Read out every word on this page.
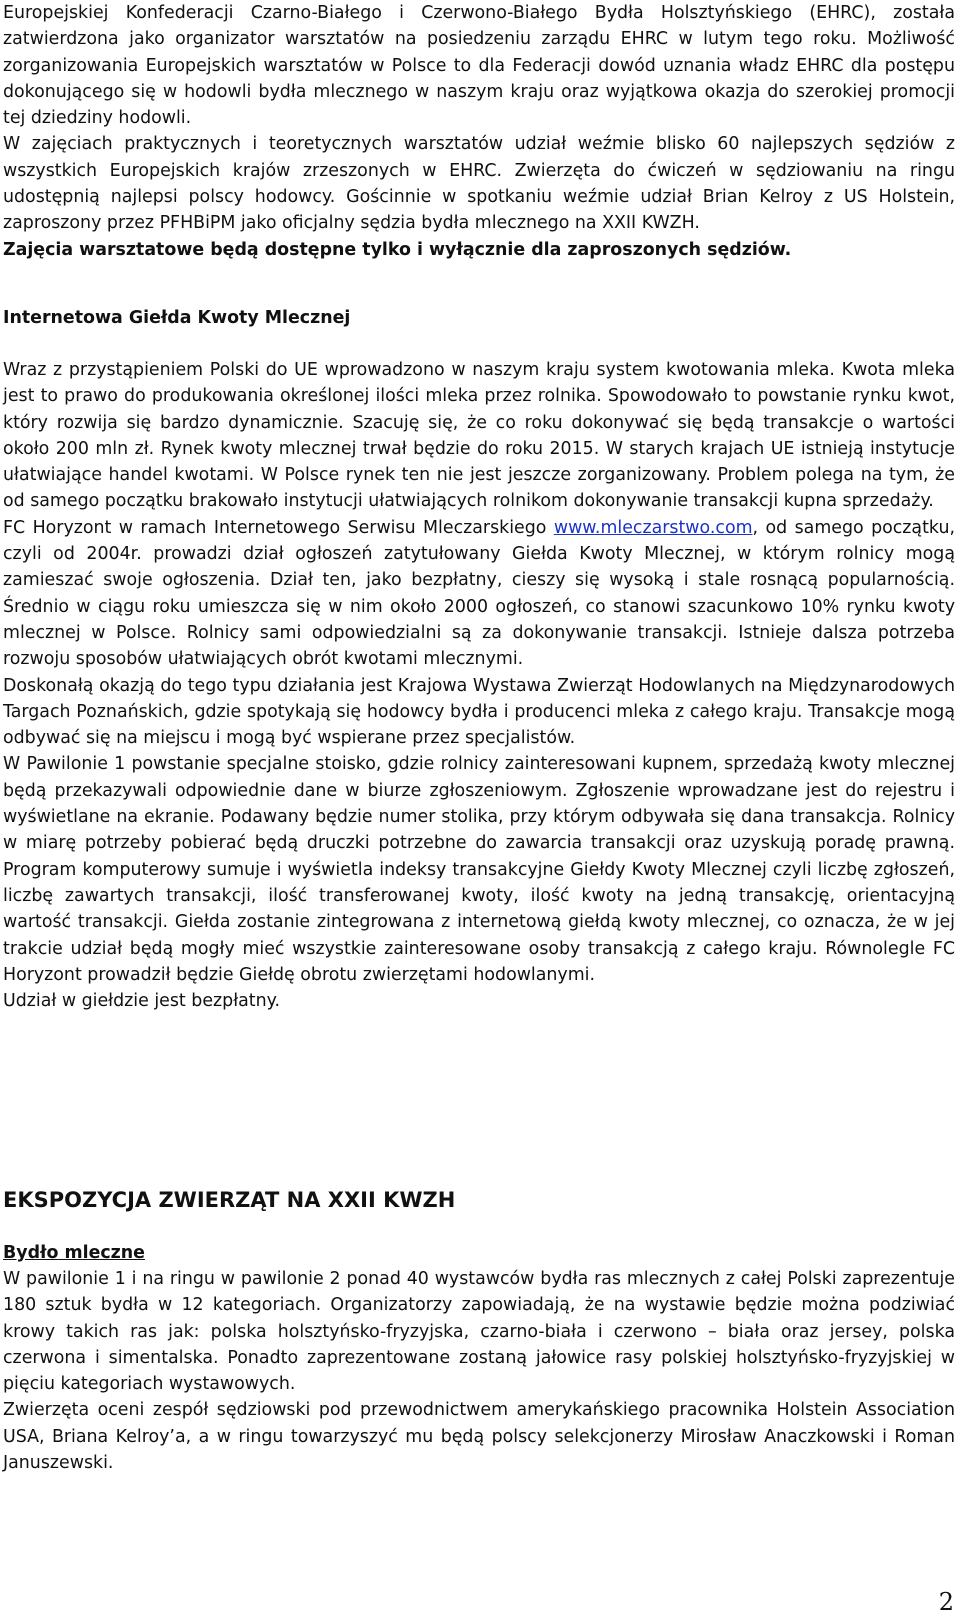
Europejskiej Konfederacji Czarno-Białego i Czerwono-Białego Bydła Holsztyńskiego (EHRC), została zatwierdzona jako organizator warsztatów na posiedzeniu zarządu EHRC w lutym tego roku. Możliwość zorganizowania Europejskich warsztatów w Polsce to dla Federacji dowód uznania władz EHRC dla postępu dokonującego się w hodowli bydła mlecznego w naszym kraju oraz wyjątkowa okazja do szerokiej promocji tej dziedziny hodowli.

W zajęciach praktycznych i teoretycznych warsztatów udział weźmie blisko 60 najlepszych sędziów z wszystkich Europejskich krajów zrzeszonych w EHRC. Zwierzęta do ćwiczeń w sędziowaniu na ringu udostępnią najlepsi polscy hodowcy. Gościnnie w spotkaniu weźmie udział Brian Kelroy z US Holstein, zaproszony przez PFHBiPM jako oficjalny sędzia bydła mlecznego na XXII KWZH.

Zajęcia warsztatowe będą dostępne tylko i wyłącznie dla zaproszonych sędziów.

Internetowa Giełda Kwoty Mlecznej

Wraz z przystąpieniem Polski do UE wprowadzono w naszym kraju system kwotowania mleka. Kwota mleka jest to prawo do produkowania określonej ilości mleka przez rolnika. Spowodowało to powstanie rynku kwot, który rozwija się bardzo dynamicznie. Szacuję się, że co roku dokonywać się będą transakcje o wartości około 200 mln zł. Rynek kwoty mlecznej trwał będzie do roku 2015. W starych krajach UE istnieją instytucje ułatwiające handel kwotami. W Polsce rynek ten nie jest jeszcze zorganizowany. Problem polega na tym, że od samego początku brakowało instytucji ułatwiających rolnikom dokonywanie transakcji kupna sprzedaży.

FC Horyzont w ramach Internetowego Serwisu Mleczarskiego www.mleczarstwo.com, od samego początku, czyli od 2004r. prowadzi dział ogłoszeń zatytułowany Giełda Kwoty Mlecznej, w którym rolnicy mogą zamieszać swoje ogłoszenia. Dział ten, jako bezpłatny, cieszy się wysoką i stale rosnącą popularnością. Średnio w ciągu roku umieszcza się w nim około 2000 ogłoszeń, co stanowi szacunkowo 10% rynku kwoty mlecznej w Polsce. Rolnicy sami odpowiedzialni są za dokonywanie transakcji. Istnieje dalsza potrzeba rozwoju sposobów ułatwiających obrót kwotami mlecznymi.

Doskonałą okazją do tego typu działania jest Krajowa Wystawa Zwierząt Hodowlanych na Międzynarodowych Targach Poznańskich, gdzie spotykają się hodowcy bydła i producenci mleka z całego kraju. Transakcje mogą odbywać się na miejscu i mogą być wspierane przez specjalistów.

W Pawilonie 1 powstanie specjalne stoisko, gdzie rolnicy zainteresowani kupnem, sprzedażą kwoty mlecznej będą przekazywali odpowiednie dane w biurze zgłoszeniowym. Zgłoszenie wprowadzane jest do rejestru i wyświetlane na ekranie. Podawany będzie numer stolika, przy którym odbywała się dana transakcja. Rolnicy w miarę potrzeby pobierać będą druczki potrzebne do zawarcia transakcji oraz uzyskują poradę prawną. Program komputerowy sumuje i wyświetla indeksy transakcyjne Giełdy Kwoty Mlecznej czyli liczbę zgłoszeń, liczbę zawartych transakcji, ilość transferowanej kwoty, ilość kwoty na jedną transakcję, orientacyjną wartość transakcji. Giełda zostanie zintegrowana z internetową giełdą kwoty mlecznej, co oznacza, że w jej trakcie udział będą mogły mieć wszystkie zainteresowane osoby transakcją z całego kraju. Równolegle FC Horyzont prowadził będzie Giełdę obrotu zwierzętami hodowlanymi.

Udział w giełdzie jest bezpłatny.

EKSPOZYCJA ZWIERZĄT NA XXII KWZH

Bydło mleczne

W pawilonie 1 i na ringu w pawilonie 2 ponad 40 wystawców bydła ras mlecznych z całej Polski zaprezentuje 180 sztuk bydła w 12 kategoriach. Organizatorzy zapowiadają, że na wystawie będzie można podziwiać krowy takich ras jak: polska holsztyńsko-fryzyjska, czarno-biała i czerwono – biała oraz jersey, polska czerwona i simentalska. Ponadto zaprezentowane zostaną jałowice rasy polskiej holsztyńsko-fryzyjskiej w pięciu kategoriach wystawowych.

Zwierzęta oceni zespół sędziowski pod przewodnictwem amerykańskiego pracownika Holstein Association USA, Briana Kelroy’a, a w ringu towarzyszyć mu będą polscy selekcjonerzy Mirosław Anaczkowski i Roman Januszewski.

2
